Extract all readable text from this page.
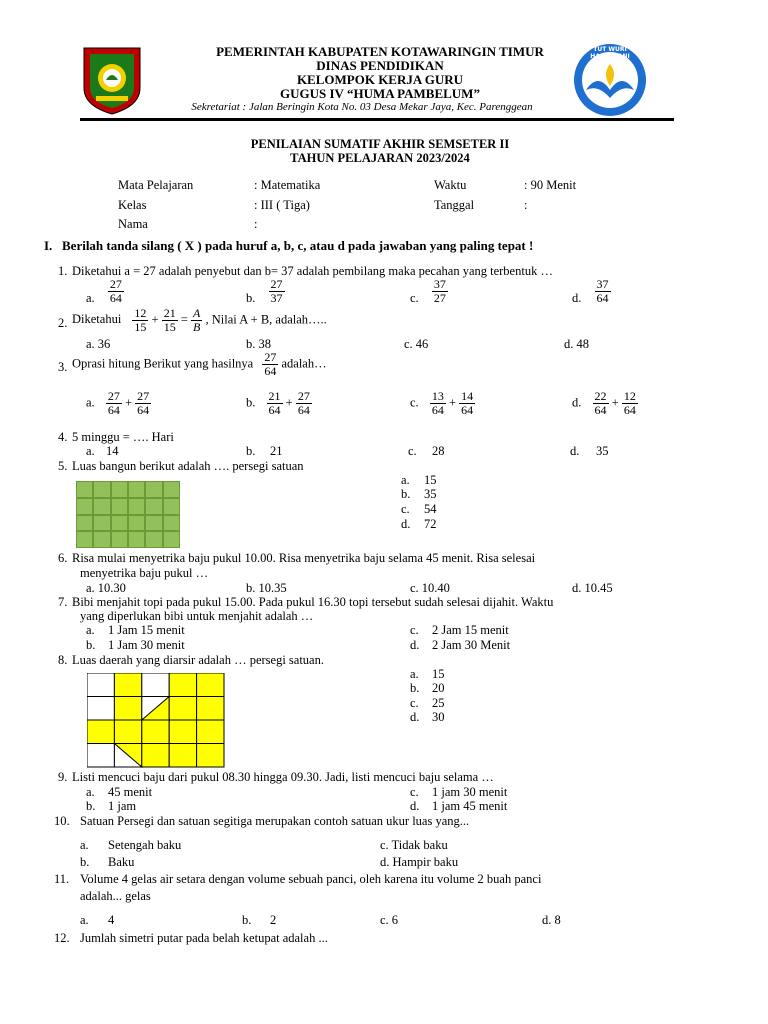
PEMERINTAH KABUPATEN KOTAWARINGIN TIMUR
DINAS PENDIDIKAN
KELOMPOK KERJA GURU
GUGUS IV “HUMA PAMBELUM”
Sekretariat : Jalan Beringin Kota No. 03 Desa Mekar Jaya, Kec. Parenggean
TUT WURI HANDAYANI
PENILAIAN SUMATIF AKHIR SEMSETER II
TAHUN PELAJARAN 2023/2024
Mata Pelajaran	: Matematika	Waktu	: 90 Menit
Kelas	: III ( Tiga)	Tanggal	:
Nama	:
I. Berilah tanda silang ( X ) pada huruf a, b, c, atau d pada jawaban yang paling tepat !
1. Diketahui a = 27 adalah penyebut dan b= 37 adalah pembilang maka pecahan yang terbentuk …
a. $\frac{27}{64}$	b. $\frac{27}{37}$	c. $\frac{37}{27}$	d. $\frac{37}{64}$
2. Diketahui $\frac{12}{15} + \frac{21}{15} = \frac{A}{B}$ , Nilai A + B, adalah…..
a. 36	b. 38	c. 46	d. 48
3. Oprasi hitung Berikut yang hasilnya $\frac{27}{64}$ adalah…
a. $\frac{27}{64} + \frac{27}{64}$	b. $\frac{21}{64} + \frac{27}{64}$	c. $\frac{13}{64} + \frac{14}{64}$	d. $\frac{22}{64} + \frac{12}{64}$
4. 5 minggu = …. Hari
a. 14	b. 21	c. 28	d. 35
5. Luas bangun berikut adalah …. persegi satuan
a. 15
b. 35
c. 54
d. 72
6. Risa mulai menyetrika baju pukul 10.00. Risa menyetrika baju selama 45 menit. Risa selesai
menyetrika baju pukul …
a. 10.30	b. 10.35	c. 10.40	d. 10.45
7. Bibi menjahit topi pada pukul 15.00. Pada pukul 16.30 topi tersebut sudah selesai dijahit. Waktu
yang diperlukan bibi untuk menjahit adalah …
a. 1 Jam 15 menit
b. 1 Jam 30 menit
c. 2 Jam 15 menit
d. 2 Jam 30 Menit
8. Luas daerah yang diarsir adalah … persegi satuan.
a. 15
b. 20
c. 25
d. 30
9. Listi mencuci baju dari pukul 08.30 hingga 09.30. Jadi, listi mencuci baju selama …
a. 45 menit
b. 1 jam
c. 1 jam 30 menit
d. 1 jam 45 menit
10. Satuan Persegi dan satuan segitiga merupakan contoh satuan ukur luas yang...
a. Setengah baku
b. Baku
c. Tidak baku
d. Hampir baku
11. Volume 4 gelas air setara dengan volume sebuah panci, oleh karena itu volume 2 buah panci
adalah... gelas
a. 4	b. 2	c. 6	d. 8
12. Jumlah simetri putar pada belah ketupat adalah ...
